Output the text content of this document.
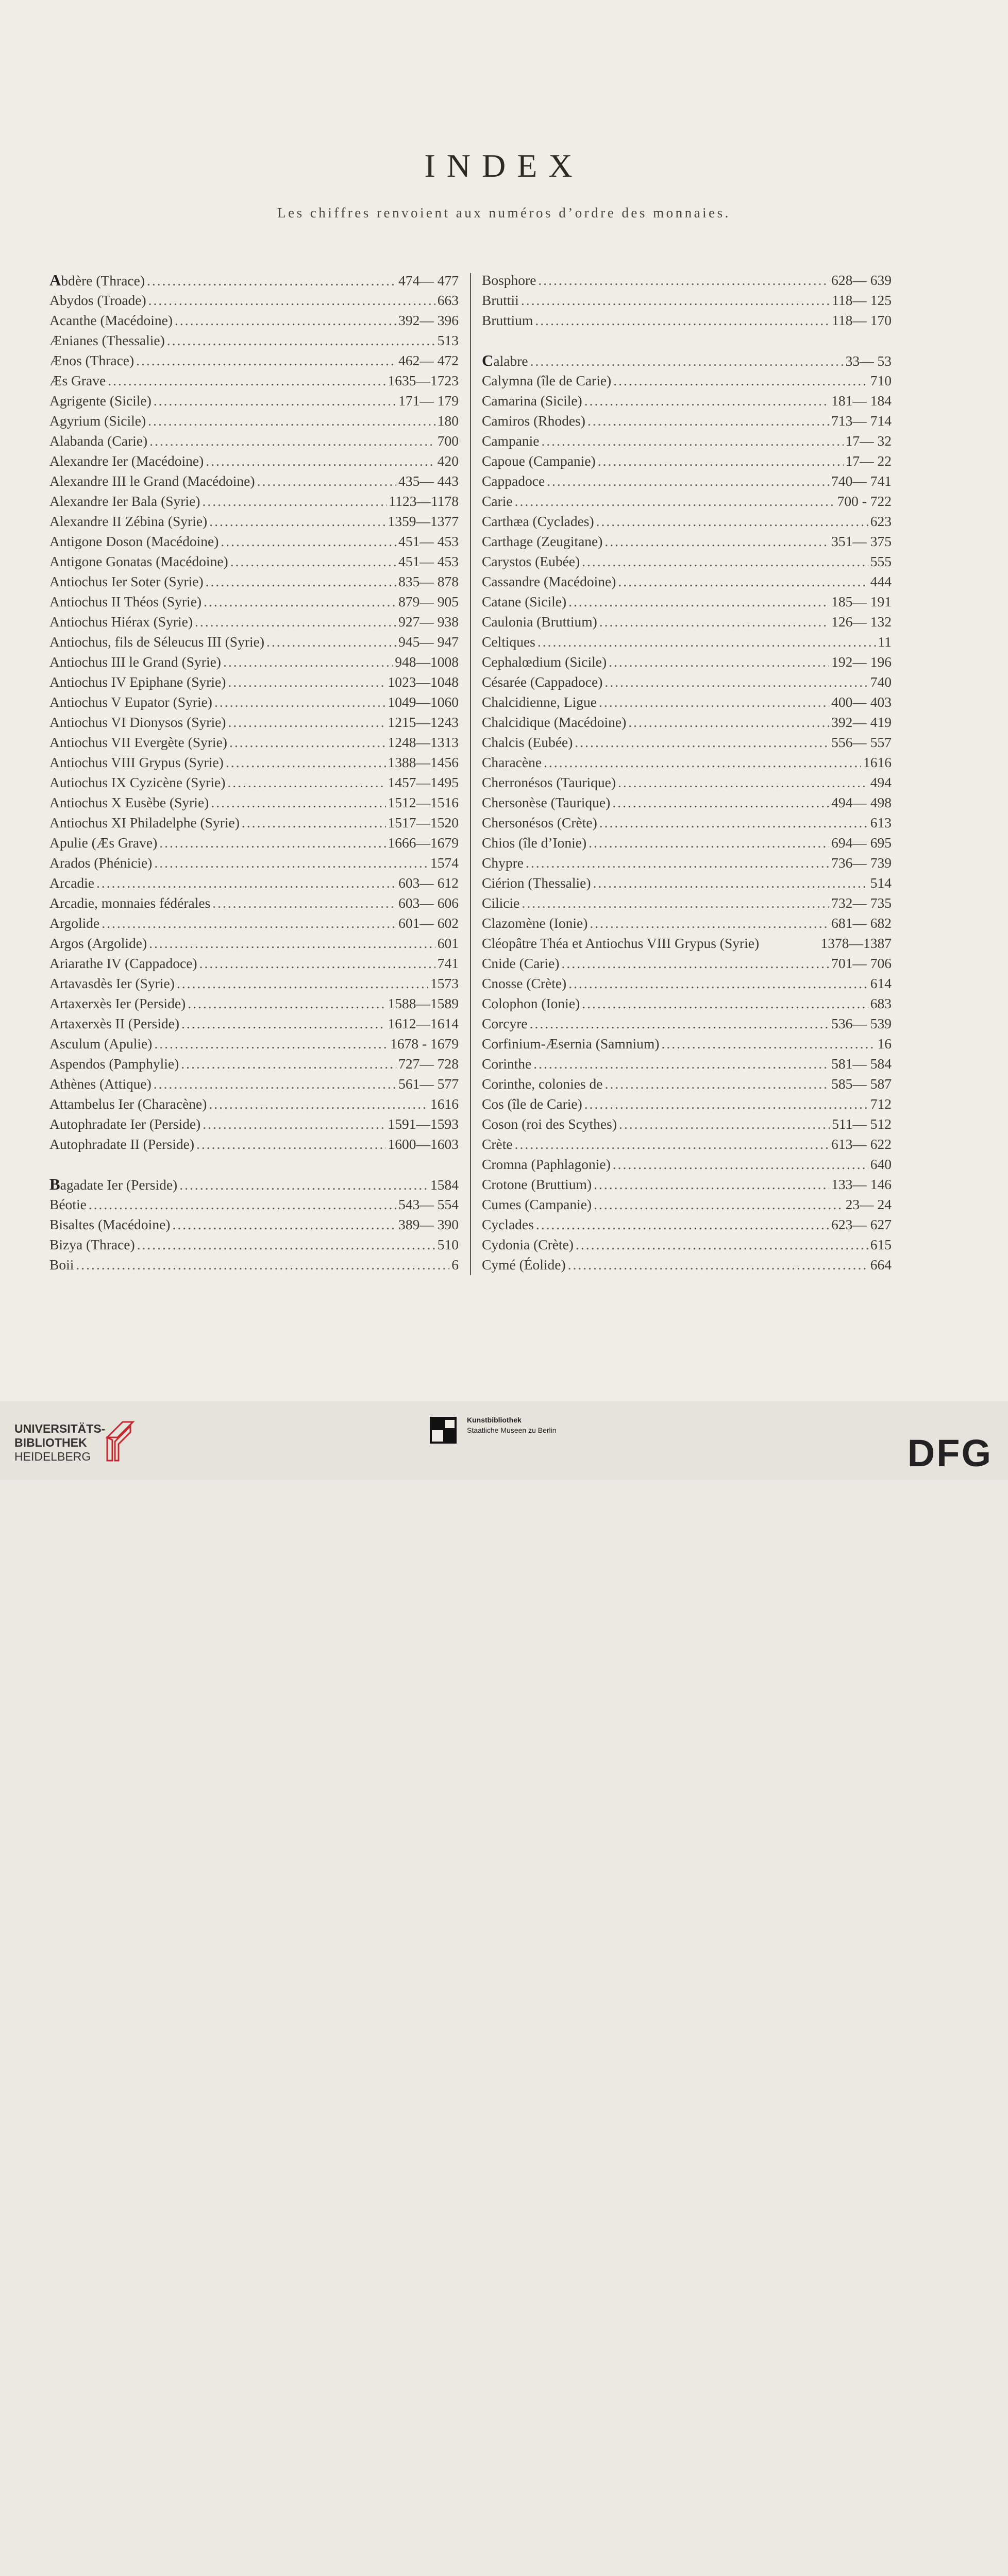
INDEX
Les chiffres renvoient aux numéros d’ordre des monnaies.
Abdère (Thrace) .....	474— 477
Abydos (Troade) .....	663
Acanthe (Macédoine) .....	392— 396
Ænianes (Thessalie) .....	513
Ænos (Thrace) .....	462— 472
Æs Grave .....	1635—1723
Agrigente (Sicile) .....	171— 179
Agyrium (Sicile) .....	180
Alabanda (Carie) .....	700
Alexandre Ier (Macédoine) .....	420
Alexandre III le Grand (Macédoine) .....	435— 443
Alexandre Ier Bala (Syrie) .....	1123—1178
Alexandre II Zébina (Syrie) .....	1359—1377
Antigone Doson (Macédoine) .....	451— 453
Antigone Gonatas (Macédoine) .....	451— 453
Antiochus Ier Soter (Syrie) .....	835— 878
Antiochus II Théos (Syrie) .....	879— 905
Antiochus Hiérax (Syrie) .....	927— 938
Antiochus, fils de Séleucus III (Syrie) .....	945— 947
Antiochus III le Grand (Syrie) .....	948—1008
Antiochus IV Epiphane (Syrie) .....	1023—1048
Antiochus V Eupator (Syrie) .....	1049—1060
Antiochus VI Dionysos (Syrie) .....	1215—1243
Antiochus VII Evergète (Syrie) .....	1248—1313
Antiochus VIII Grypus (Syrie) .....	1388—1456
Autiochus IX Cyzicène (Syrie) .....	1457—1495
Antiochus X Eusèbe (Syrie) .....	1512—1516
Antiochus XI Philadelphe (Syrie) .....	1517—1520
Apulie (Æs Grave) .....	1666—1679
Arados (Phénicie) .....	1574
Arcadie .....	603— 612
Arcadie, monnaies fédérales .....	603— 606
Argolide .....	601— 602
Argos (Argolide) .....	601
Ariarathe IV (Cappadoce) .....	741
Artavasdès Ier (Syrie) .....	1573
Artaxerxès Ier (Perside) .....	1588—1589
Artaxerxès II (Perside) .....	1612—1614
Asculum (Apulie) .....	1678 - 1679
Aspendos (Pamphylie) .....	727— 728
Athènes (Attique) .....	561— 577
Attambelus Ier (Characène) .....	1616
Autophradate Ier (Perside) .....	1591—1593
Autophradate II (Perside) .....	1600—1603
Bagadate Ier (Perside) .....	1584
Béotie .....	543— 554
Bisaltes (Macédoine) .....	389— 390
Bizya (Thrace) .....	510
Boii .....	6
Bosphore .....	628— 639
Bruttii .....	118— 125
Bruttium .....	118— 170
Calabre .....	33— 53
Calymna (île de Carie) .....	710
Camarina (Sicile) .....	181— 184
Camiros (Rhodes) .....	713— 714
Campanie .....	17— 32
Capoue (Campanie) .....	17— 22
Cappadoce .....	740— 741
Carie .....	700 - 722
Carthæa (Cyclades) .....	623
Carthage (Zeugitane) .....	351— 375
Carystos (Eubée) .....	555
Cassandre (Macédoine) .....	444
Catane (Sicile) .....	185— 191
Caulonia (Bruttium) .....	126— 132
Celtiques .....	11
Cephalœdium (Sicile) .....	192— 196
Césarée (Cappadoce) .....	740
Chalcidienne, Ligue .....	400— 403
Chalcidique (Macédoine) .....	392— 419
Chalcis (Eubée) .....	556— 557
Characène .....	1616
Cherronésos (Taurique) .....	494
Chersonèse (Taurique) .....	494— 498
Chersonésos (Crète) .....	613
Chios (île d’Ionie) .....	694— 695
Chypre .....	736— 739
Ciérion (Thessalie) .....	514
Cilicie .....	732— 735
Clazomène (Ionie) .....	681— 682
Cléopâtre Théa et Antiochus VIII Grypus (Syrie)	1378—1387
Cnide (Carie) .....	701— 706
Cnosse (Crète) .....	614
Colophon (Ionie) .....	683
Corcyre .....	536— 539
Corfinium-Æsernia (Samnium) .....	16
Corinthe .....	581— 584
Corinthe, colonies de .....	585— 587
Cos (île de Carie) .....	712
Coson (roi des Scythes) .....	511— 512
Crète .....	613— 622
Cromna (Paphlagonie) .....	640
Crotone (Bruttium) .....	133— 146
Cumes (Campanie) .....	23— 24
Cyclades .....	623— 627
Cydonia (Crète) .....	615
Cymé (Éolide) .....	664
UNIVERSITÄTS-
BIBLIOTHEK
HEIDELBERG
Kunstbibliothek
Staatliche Museen zu Berlin
DFG
